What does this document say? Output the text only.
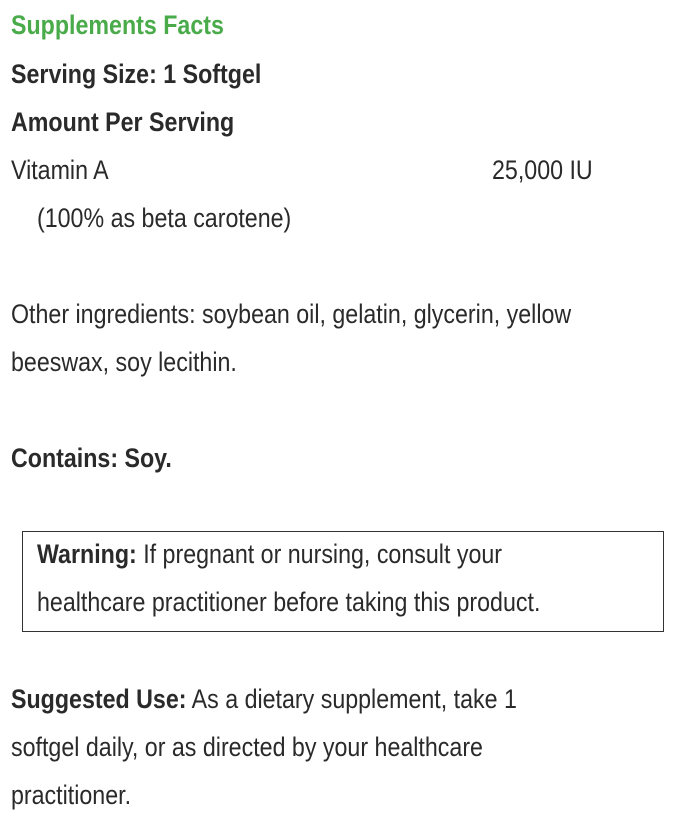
Supplements Facts
Serving Size: 1 Softgel
Amount Per Serving
Vitamin A	25,000 IU
(100% as beta carotene)
Other ingredients: soybean oil, gelatin, glycerin, yellow
beeswax, soy lecithin.
Contains: Soy.
Warning: If pregnant or nursing, consult your
healthcare practitioner before taking this product.
Suggested Use: As a dietary supplement, take 1
softgel daily, or as directed by your healthcare
practitioner.
